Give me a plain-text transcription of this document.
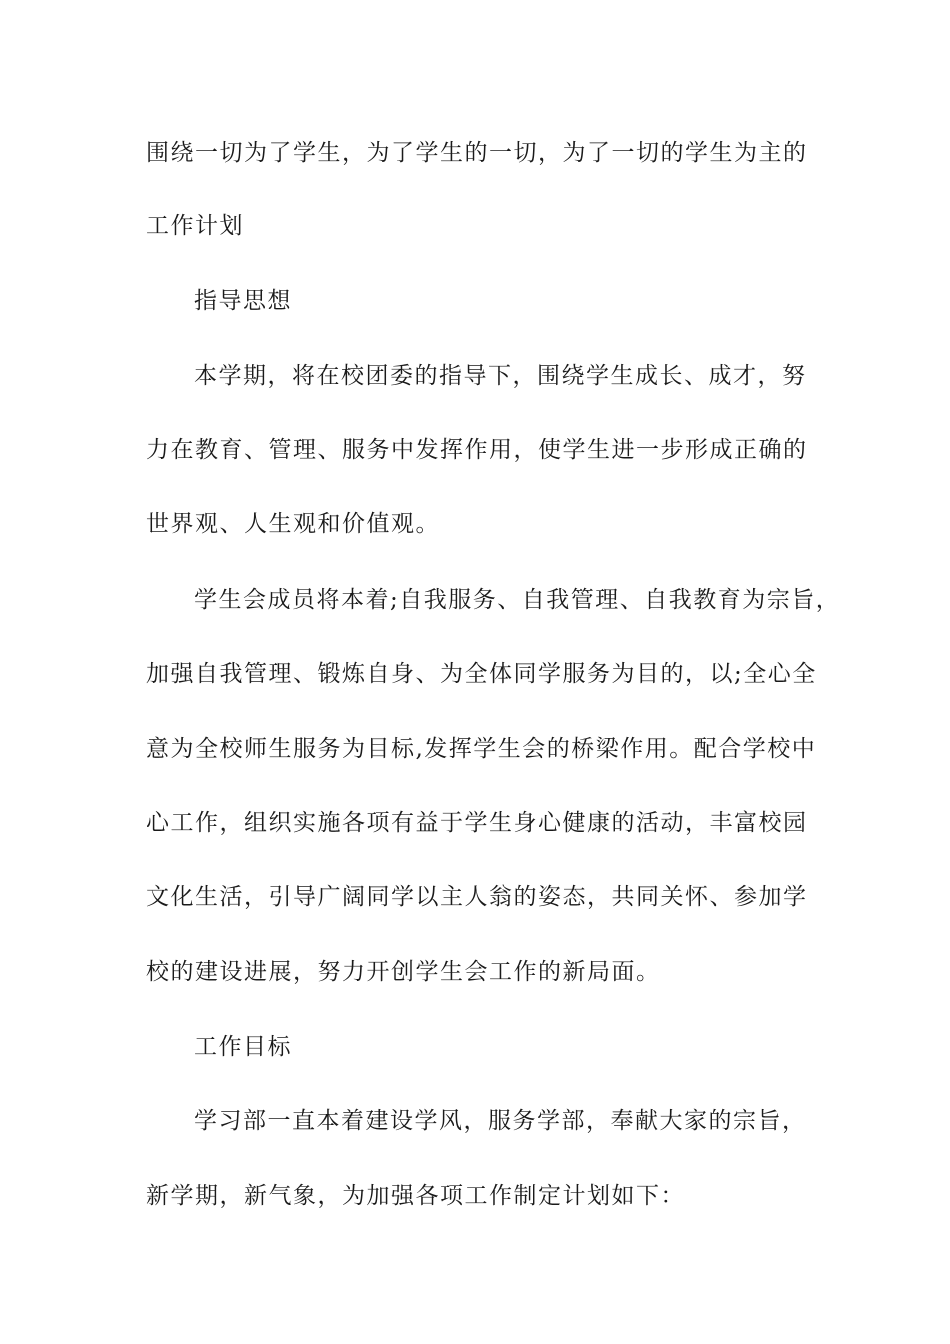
围绕一切为了学生，为了学生的一切，为了一切的学生为主的
工作计划
指导思想
本学期，将在校团委的指导下，围绕学生成长、成才，努
力在教育、管理、服务中发挥作用，使学生进一步形成正确的
世界观、人生观和价值观。
学生会成员将本着;自我服务、自我管理、自我教育为宗旨，
加强自我管理、锻炼自身、为全体同学服务为目的，以;全心全
意为全校师生服务为目标,发挥学生会的桥梁作用。配合学校中
心工作，组织实施各项有益于学生身心健康的活动，丰富校园
文化生活，引导广阔同学以主人翁的姿态，共同关怀、参加学
校的建设进展，努力开创学生会工作的新局面。
工作目标
学习部一直本着建设学风，服务学部，奉献大家的宗旨，
新学期，新气象，为加强各项工作制定计划如下：
